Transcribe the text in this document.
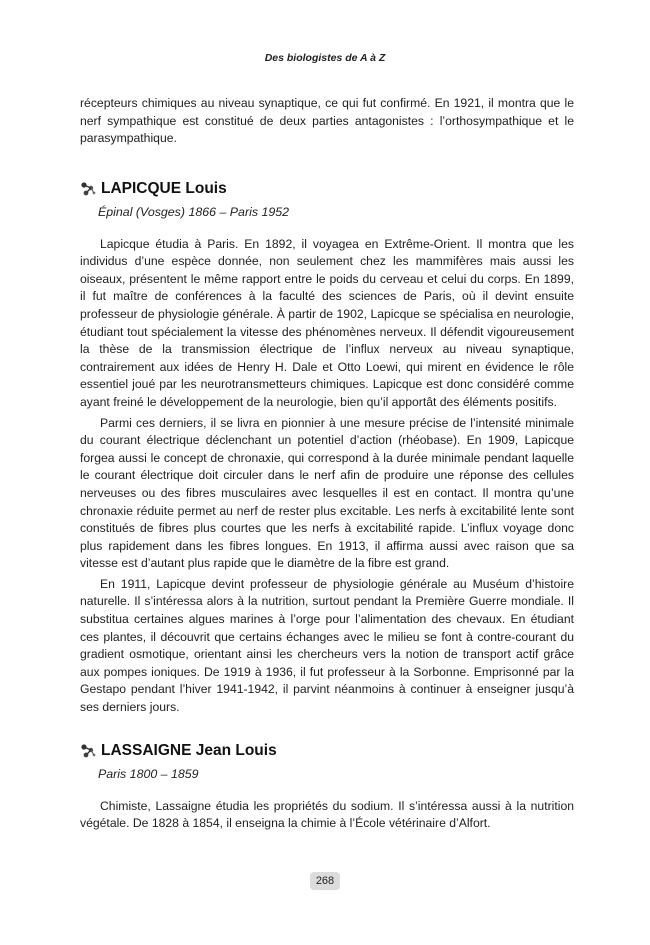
Des biologistes de A à Z

récepteurs chimiques au niveau synaptique, ce qui fut confirmé. En 1921, il montra que le nerf sympathique est constitué de deux parties antagonistes : l’orthosympathique et le parasympathique.

LAPICQUE Louis
Épinal (Vosges) 1866 – Paris 1952

Lapicque étudia à Paris. En 1892, il voyagea en Extrême-Orient. Il montra que les individus d’une espèce donnée, non seulement chez les mammifères mais aussi les oiseaux, présentent le même rapport entre le poids du cerveau et celui du corps. En 1899, il fut maître de conférences à la faculté des sciences de Paris, où il devint ensuite professeur de physiologie générale. À partir de 1902, Lapicque se spécialisa en neurologie, étudiant tout spécialement la vitesse des phénomènes nerveux. Il défendit vigoureusement la thèse de la transmission électrique de l’influx nerveux au niveau synaptique, contrairement aux idées de Henry H. Dale et Otto Loewi, qui mirent en évidence le rôle essentiel joué par les neurotransmetteurs chimiques. Lapicque est donc considéré comme ayant freiné le développement de la neurologie, bien qu’il apportât des éléments positifs.

Parmi ces derniers, il se livra en pionnier à une mesure précise de l’intensité minimale du courant électrique déclenchant un potentiel d’action (rhéobase). En 1909, Lapicque forgea aussi le concept de chronaxie, qui correspond à la durée minimale pendant laquelle le courant électrique doit circuler dans le nerf afin de produire une réponse des cellules nerveuses ou des fibres musculaires avec lesquelles il est en contact. Il montra qu’une chronaxie réduite permet au nerf de rester plus excitable. Les nerfs à excitabilité lente sont constitués de fibres plus courtes que les nerfs à excitabilité rapide. L’influx voyage donc plus rapidement dans les fibres longues. En 1913, il affirma aussi avec raison que sa vitesse est d’autant plus rapide que le diamètre de la fibre est grand.

En 1911, Lapicque devint professeur de physiologie générale au Muséum d’histoire naturelle. Il s’intéressa alors à la nutrition, surtout pendant la Première Guerre mondiale. Il substitua certaines algues marines à l’orge pour l’alimentation des chevaux. En étudiant ces plantes, il découvrit que certains échanges avec le milieu se font à contre-courant du gradient osmotique, orientant ainsi les chercheurs vers la notion de transport actif grâce aux pompes ioniques. De 1919 à 1936, il fut professeur à la Sorbonne. Emprisonné par la Gestapo pendant l’hiver 1941-1942, il parvint néanmoins à continuer à enseigner jusqu’à ses derniers jours.

LASSAIGNE Jean Louis
Paris 1800 – 1859

Chimiste, Lassaigne étudia les propriétés du sodium. Il s’intéressa aussi à la nutrition végétale. De 1828 à 1854, il enseigna la chimie à l’École vétérinaire d’Alfort.

268
